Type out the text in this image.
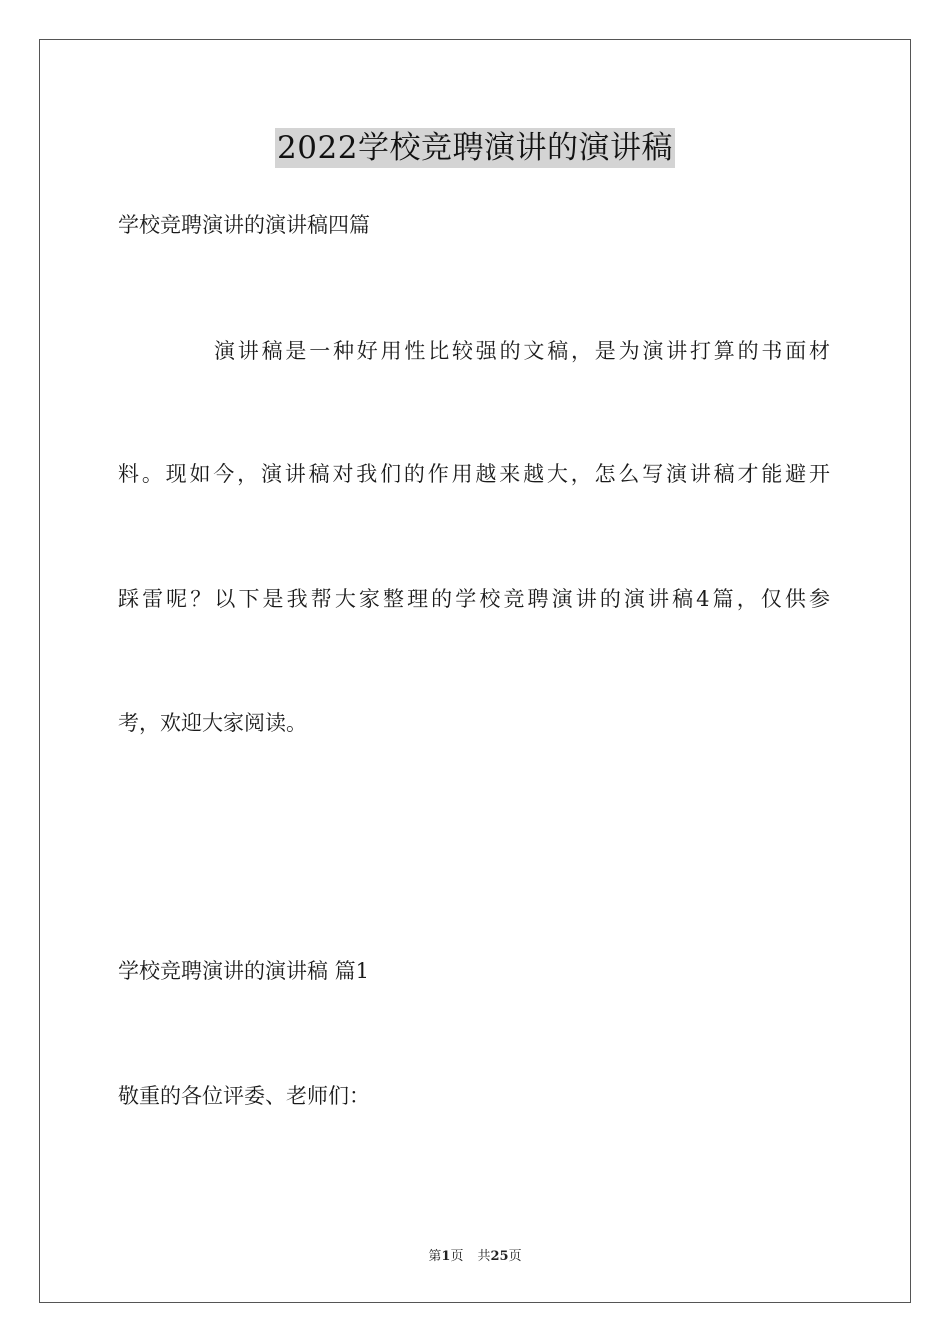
2022学校竞聘演讲的演讲稿
学校竞聘演讲的演讲稿四篇
演讲稿是一种好用性比较强的文稿，是为演讲打算的书面材
料。现如今，演讲稿对我们的作用越来越大，怎么写演讲稿才能避开
踩雷呢？以下是我帮大家整理的学校竞聘演讲的演讲稿4篇，仅供参
考，欢迎大家阅读。
学校竞聘演讲的演讲稿 篇1
敬重的各位评委、老师们：
第1页 共25页
